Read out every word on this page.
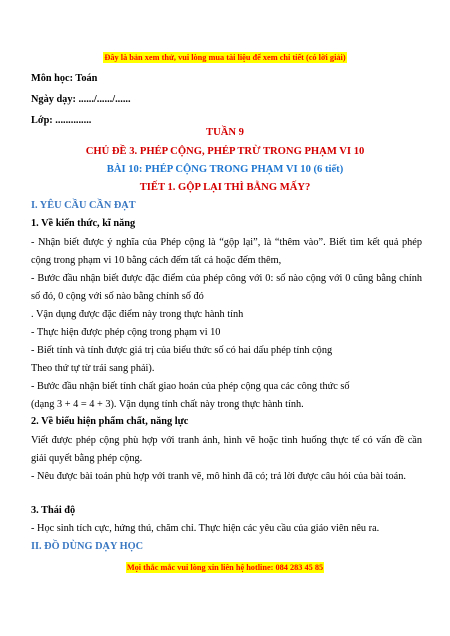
Đây là bản xem thử, vui lòng mua tài liệu để xem chi tiết (có lời giải)
Môn học: Toán
Ngày dạy: ....../....../......
Lớp: ..............
TUẦN 9
CHỦ ĐỀ 3. PHÉP CỘNG, PHÉP TRỪ TRONG PHẠM VI 10
BÀI 10: PHÉP CỘNG TRONG PHẠM VI 10 (6 tiết)
TIẾT 1. GỘP LẠI THÌ BẰNG MẤY?
I. YÊU CẦU CẦN ĐẠT
1. Về kiến thức, kĩ năng
- Nhận biết được ý nghĩa của Phép cộng là “gộp lại”, là “thêm vào”. Biết tìm kết quả phép cộng trong phạm vi 10 bằng cách đếm tất cả hoặc đếm thêm,
- Bước đầu nhận biết được đặc điểm của phép công với 0: số nào cộng với 0 cũng bằng chính số đó, 0 cộng với số nào bằng chính số đó
. Vận dụng được đặc điểm này trong thực hành tính
- Thực hiện được phép cộng trong phạm vi 10
- Biết tính và tính được giá trị của biểu thức số có hai dấu phép tính cộng
Theo thứ tự từ trái sang phải).
- Bước đầu nhận biết tính chất giao hoán của phép cộng qua các công thức số
(dạng 3 + 4 = 4 + 3). Vận dụng tính chất này trong thực hành tính.
2. Về biểu hiện phẩm chất, năng lực
Viết được phép cộng phù hợp với tranh ảnh, hình vẽ hoặc tình huống thực tế có vấn đề cần giải quyết bằng phép cộng.
- Nêu được bài toán phù hợp với tranh vẽ, mô hình đã có; trả lời được câu hỏi của bài toán.
3. Thái độ
- Học sinh tích cực, hứng thú, chăm chỉ. Thực hiện các yêu cầu của giáo viên nêu ra.
II. ĐỒ DÙNG DẠY HỌC
Mọi thắc mắc vui lòng xin liên hệ hotline: 084 283 45 85
